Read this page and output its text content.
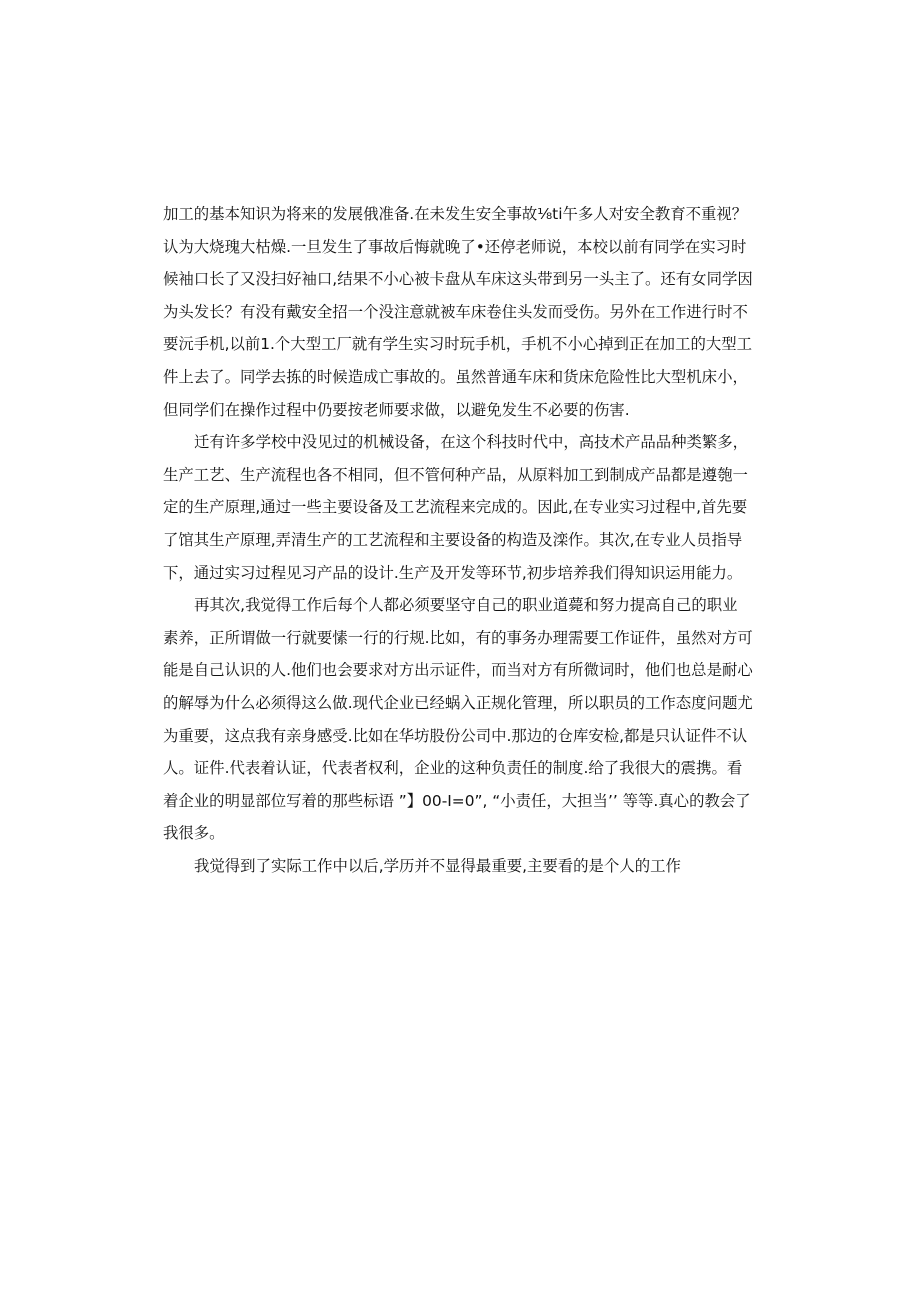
加工的基本知识为将来的发展俄准备.在未发生安全事故⅛ti午多人对安全教育不重视？
认为大烧瑰大枯燥.一旦发生了事故后悔就晚了•还停老师说，本校以前有同学在实习时
候袖口长了又没扫好袖口,结果不小心被卡盘从车床这头带到另一头主了。还有女同学因
为头发长？有没有戴安全招一个没注意就被车床卷住头发而受伤。另外在工作进行时不
要沅手机,以前1.个大型工厂就有学生实习时玩手机，手机不小心掉到正在加工的大型工
件上去了。同学去拣的时候造成亡事故的。虽然普通车床和货床危险性比大型机床小，
但同学们在操作过程中仍要按老师要求做，以避免发生不必要的伤害.
迁有许多学校中没见过的机械设备，在这个科技时代中，高技术产品品种类繁多，
生产工艺、生产流程也各不相同，但不管何种产品，从原料加工到制成产品都是遵匏一
定的生产原理,通过一些主要设备及工艺流程来完成的。因此,在专业实习过程中,首先要
了馆其生产原理,弄清生产的工艺流程和主要设备的构造及滦作。其次,在专业人员指导
下，通过实习过程见习产品的设计.生产及开发等环节,初步培养我们得知识运用能力。
再其次,我觉得工作后每个人都必须要坚守自己的职业道薨和努力提高自己的职业
素养，正所谓做一行就要愫一行的行规.比如，有的事务办理需要工作证件，虽然对方可
能是自己认识的人.他们也会要求对方出示证件，而当对方有所微词时，他们也总是耐心
的解辱为什么必须得这么做.现代企业已经蜗入正规化管理，所以职员的工作态度问题尤
为重要，这点我有亲身感受.比如在华坊股份公司中.那边的仓库安检,都是只认证件不认
人。证件.代表着认证，代表者权利，企业的这种负责任的制度.给了我很大的震携。看
着企业的明显部位写着的那些标语 ”】00-I=0”, “小责任，大担当’’ 等等.真心的教会了
我很多。
我觉得到了实际工作中以后,学历并不显得最重要,主要看的是个人的工作
